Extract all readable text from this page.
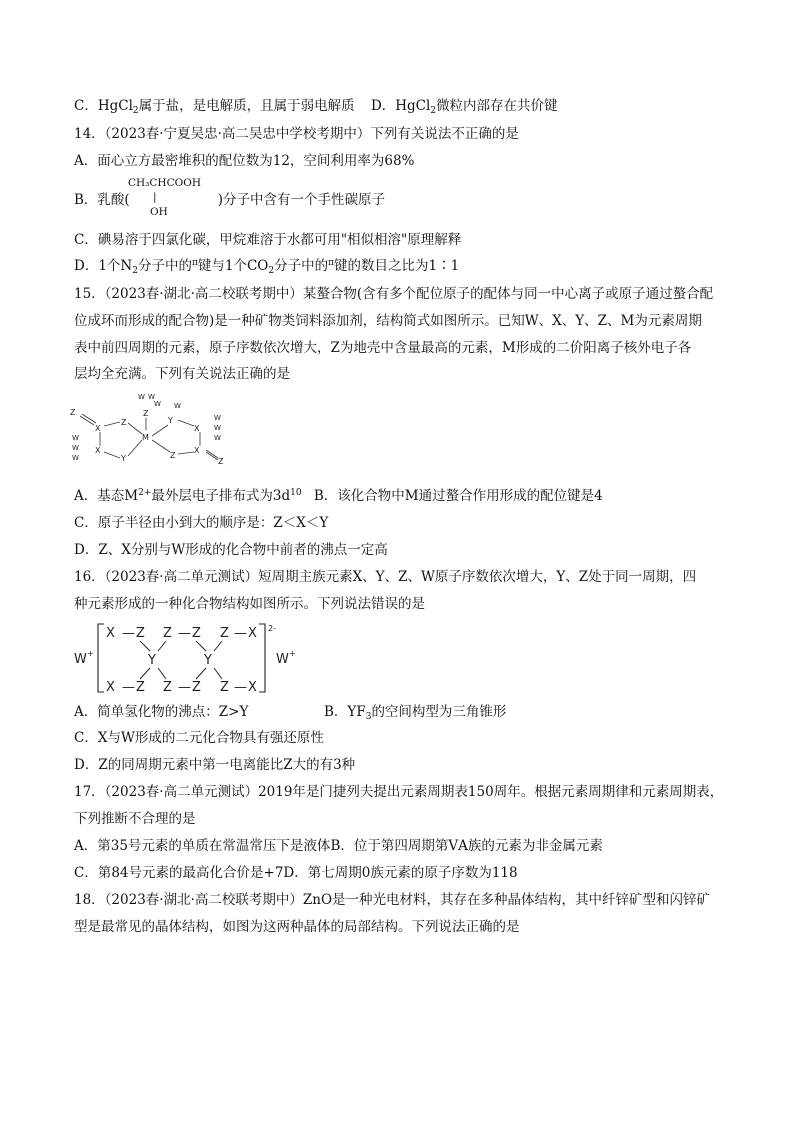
C．HgCl$_2$属于盐，是电解质，且属于弱电解质 D．HgCl$_2$微粒内部存在共价键
14．（2023春·宁夏吴忠·高二吴忠中学校考期中）下列有关说法不正确的是
A．面心立方最密堆积的配位数为12，空间利用率为68%
B．乳酸(	)分子中含有一个手性碳原子
CH₃CHCOOH
|
OH
C．碘易溶于四氯化碳，甲烷难溶于水都可用"相似相溶"原理解释
D．1个$N_2$分子中的$^\pi$键与1个$CO_2$分子中的$^\pi$键的数目之比为1∶1
15．（2023春·湖北·高二校联考期中）某螯合物(含有多个配位原子的配体与同一中心离子或原子通过螯合配
位成环而形成的配合物)是一种矿物类饲料添加剂，结构简式如图所示。已知W、X、Y、Z、M为元素周期
表中前四周期的元素，原子序数依次增大，Z为地壳中含量最高的元素，M形成的二价阳离子核外电子各
层均全充满。下列有关说法正确的是
Z
X
X
Z
Y
M
Z
Y
Z
X
X
Z
W
W
W
W W
W W
W
W
W
A．基态$M^{2+}$最外层电子排布式为$3d^{10}$ B．该化合物中M通过螯合作用形成的配位键是4
C．原子半径由小到大的顺序是：Z＜X＜Y
D．Z、X分别与W形成的化合物中前者的沸点一定高
16．（2023春·高二单元测试）短周期主族元素X、Y、Z、W原子序数依次增大，Y、Z处于同一周期，四
种元素形成的一种化合物结构如图所示。下列说法错误的是
W +	W +
2-
X — Z
X — Z
Y
Z — Z
Z — Z
Y
Z — X
Z — X
A．简单氢化物的沸点：Z>Y	B．$YF_3$的空间构型为三角锥形
C．X与W形成的二元化合物具有强还原性
D．Z的同周期元素中第一电离能比Z大的有3种
17．（2023春·高二单元测试）2019年是门捷列夫提出元素周期表150周年。根据元素周期律和元素周期表，
下列推断不合理的是
A．第35号元素的单质在常温常压下是液体B．位于第四周期第ⅤA族的元素为非金属元素
C．第84号元素的最高化合价是+7D．第七周期0族元素的原子序数为118
18．（2023春·湖北·高二校联考期中）ZnO是一种光电材料，其存在多种晶体结构，其中纤锌矿型和闪锌矿
型是最常见的晶体结构，如图为这两种晶体的局部结构。下列说法正确的是
